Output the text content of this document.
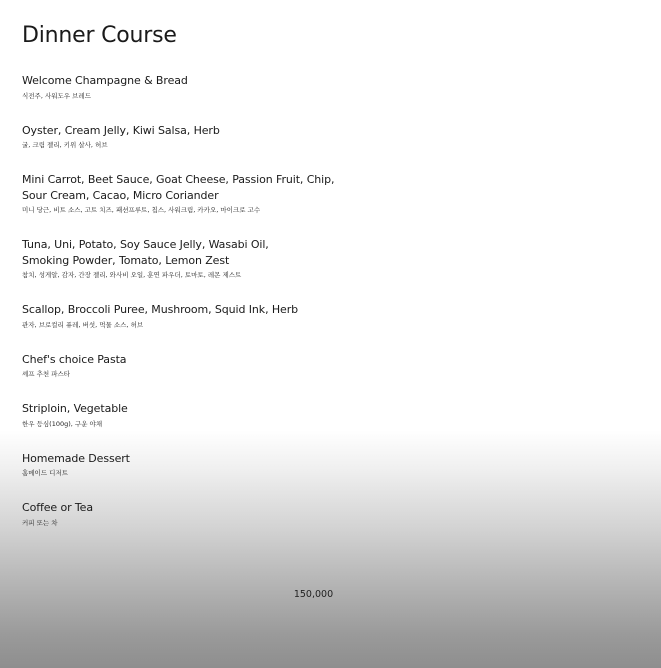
Dinner Course
Welcome Champagne & Bread
식전주, 사워도우 브레드
Oyster, Cream Jelly, Kiwi Salsa, Herb
굴, 크림 젤리, 키위 살사, 허브
Mini Carrot, Beet Sauce, Goat Cheese, Passion Fruit, Chip,
Sour Cream, Cacao, Micro Coriander
미니 당근, 비트 소스, 고트 치즈, 패션프루트, 칩스, 사워크림, 카카오, 마이크로 고수
Tuna, Uni, Potato, Soy Sauce Jelly, Wasabi Oil,
Smoking Powder, Tomato, Lemon Zest
참치, 성게알, 감자, 간장 젤리, 와사비 오일, 훈연 파우더, 토마토, 레몬 제스트
Scallop, Broccoli Puree, Mushroom, Squid Ink, Herb
관자, 브로컬리 퓨레, 버섯, 먹물 소스, 허브
Chef's choice Pasta
셰프 추천 파스타
Striploin, Vegetable
한우 등심(100g), 구운 야채
Homemade Dessert
홈메이드 디저트
Coffee or Tea
커피 또는 차
150,000
